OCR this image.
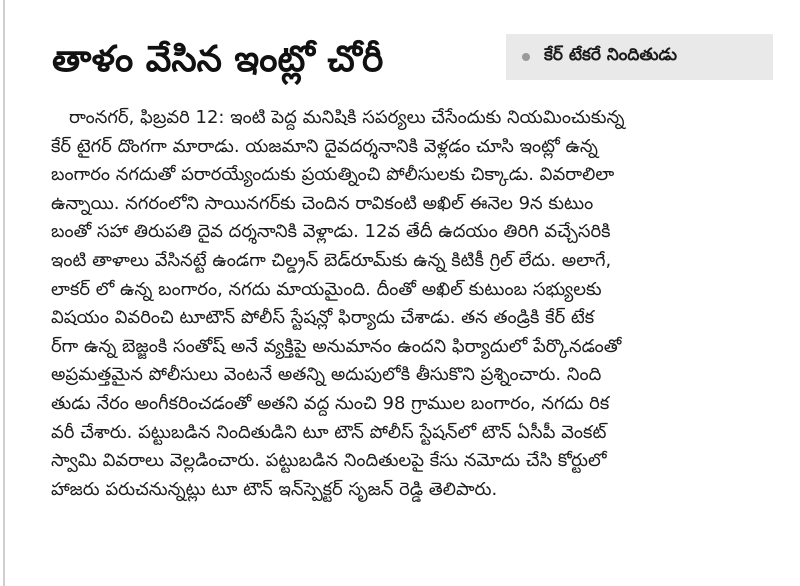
తాళం వేసిన ఇంట్లో చోరీ	కేర్ టేకరే నిందితుడు
రాంనగర్, ఫిబ్రవరి 12: ఇంటి పెద్ద మనిషికి సపర్యలు చేసేందుకు నియమించుకున్న
కేర్ టైగర్ దొంగగా మారాడు. యజమాని దైవదర్శనానికి వెళ్లడం చూసి ఇంట్లో ఉన్న
బంగారం నగదుతో పరారయ్యేందుకు ప్రయత్నించి పోలీసులకు చిక్కాడు. వివరాలిలా
ఉన్నాయి. నగరంలోని సాయినగర్‌కు చెందిన రావికంటి అఖిల్ ఈనెల 9న కుటుం
బంతో సహా తిరుపతి దైవ దర్శనానికి వెళ్లాడు. 12వ తేదీ ఉదయం తిరిగి వచ్చేసరికి
ఇంటి తాళాలు వేసినట్టే ఉండగా చిల్డ్రన్ బెడ్‌రూమ్‌కు ఉన్న కిటికీ గ్రిల్ లేదు. అలాగే,
లాకర్ లో ఉన్న బంగారం, నగదు మాయమైంది. దీంతో అఖిల్ కుటుంబ సభ్యులకు
విషయం వివరించి టూటౌన్ పోలీస్ స్టేషన్లో ఫిర్యాదు చేశాడు. తన తండ్రికి కేర్ టేక
ర్‌గా ఉన్న బెజ్జంకి సంతోష్ అనే వ్యక్తిపై అనుమానం ఉందని ఫిర్యాదులో పేర్కొనడంతో
అప్రమత్తమైన పోలీసులు వెంటనే అతన్ని అదుపులోకి తీసుకొని ప్రశ్నించారు. నింది
తుడు నేరం అంగీకరించడంతో అతని వద్ద నుంచి 98 గ్రాముల బంగారం, నగదు రిక
వరీ చేశారు. పట్టుబడిన నిందితుడిని టూ టౌన్ పోలీస్ స్టేషన్‌లో టౌన్ ఏసీపీ వెంకట్
స్వామి వివరాలు వెల్లడించారు. పట్టుబడిన నిందితులపై కేసు నమోదు చేసి కోర్టులో
హాజరు పరుచనున్నట్లు టూ టౌన్ ఇన్‌స్పెక్టర్ సృజన్ రెడ్డి తెలిపారు.
